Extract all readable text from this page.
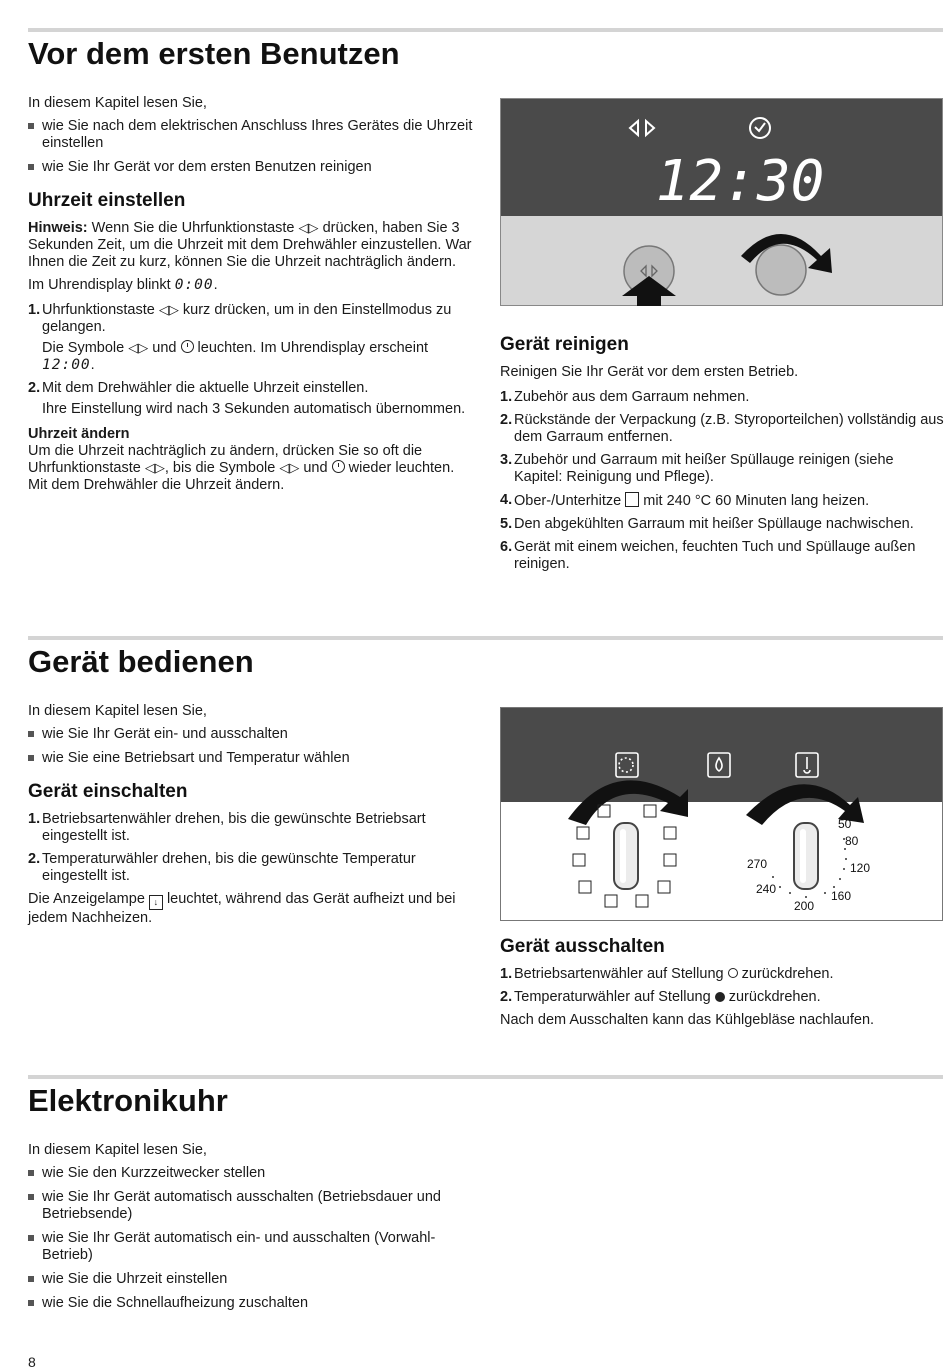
Vor dem ersten Benutzen

In diesem Kapitel lesen Sie,

wie Sie nach dem elektrischen Anschluss Ihres Gerätes die Uhrzeit einstellen
wie Sie Ihr Gerät vor dem ersten Benutzen reinigen
Uhrzeit einstellen

Hinweis: Wenn Sie die Uhrfunktionstaste ◁▷ drücken, haben Sie 3 Sekunden Zeit, um die Uhrzeit mit dem Drehwähler einzustellen. War Ihnen die Zeit zu kurz, können Sie die Uhrzeit nachträglich ändern.

Im Uhrendisplay blinkt 0:00.

1. Uhrfunktionstaste ◁▷ kurz drücken, um in den Einstellmodus zu gelangen.

Die Symbole ◁▷ und leuchten. Im Uhrendisplay erscheint 12:00.

2. Mit dem Drehwähler die aktuelle Uhrzeit einstellen.

Ihre Einstellung wird nach 3 Sekunden automatisch übernommen.

Uhrzeit ändern

Um die Uhrzeit nachträglich zu ändern, drücken Sie so oft die Uhrfunktionstaste ◁▷, bis die Symbole ◁▷ und wieder leuchten. Mit dem Drehwähler die Uhrzeit ändern.

12:30
Gerät reinigen

Reinigen Sie Ihr Gerät vor dem ersten Betrieb.

1. Zubehör aus dem Garraum nehmen.
2. Rückstände der Verpackung (z.B. Styroporteilchen) vollständig aus dem Garraum entfernen.
3. Zubehör und Garraum mit heißer Spüllauge reinigen (siehe Kapitel: Reinigung und Pflege).
4. Ober-/Unterhitze mit 240 °C 60 Minuten lang heizen.
5. Den abgekühlten Garraum mit heißer Spüllauge nachwischen.
6. Gerät mit einem weichen, feuchten Tuch und Spüllauge außen reinigen.
Gerät bedienen

In diesem Kapitel lesen Sie,

wie Sie Ihr Gerät ein- und ausschalten
wie Sie eine Betriebsart und Temperatur wählen
Gerät einschalten
1. Betriebsartenwähler drehen, bis die gewünschte Betriebsart eingestellt ist.
2. Temperaturwähler drehen, bis die gewünschte Temperatur eingestellt ist.

Die Anzeigelampe ↓ leuchtet, während das Gerät aufheizt und bei jedem Nachheizen.

50
80
120
160
200
240
270
Gerät ausschalten
1. Betriebsartenwähler auf Stellung zurückdrehen.
2. Temperaturwähler auf Stellung zurückdrehen.

Nach dem Ausschalten kann das Kühlgebläse nachlaufen.

Elektronikuhr

In diesem Kapitel lesen Sie,

wie Sie den Kurzzeitwecker stellen
wie Sie Ihr Gerät automatisch ausschalten (Betriebsdauer und Betriebsende)
wie Sie Ihr Gerät automatisch ein- und ausschalten (Vorwahl-Betrieb)
wie Sie die Uhrzeit einstellen
wie Sie die Schnellaufheizung zuschalten
8
